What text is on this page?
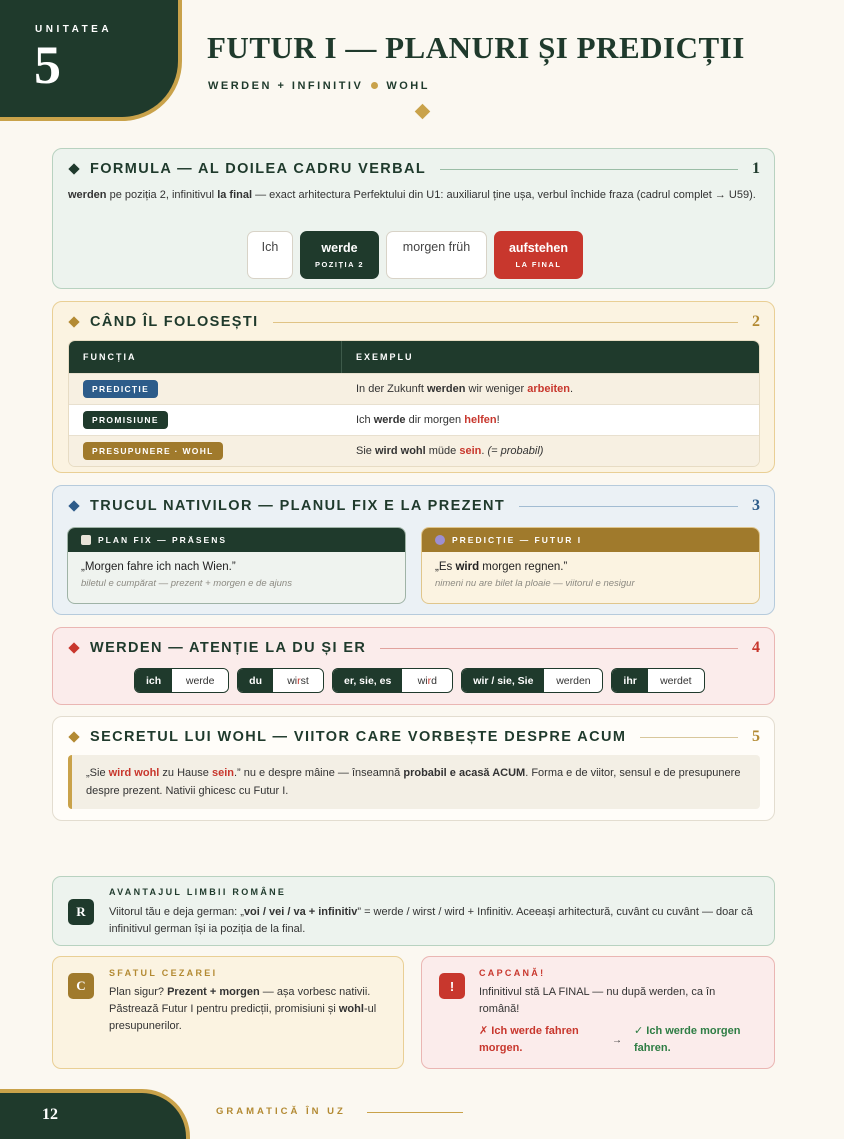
UNITATEA
5	FUTUR I — PLANURI ȘI PREDICȚII
WERDEN + INFINITIV WOHL
FORMULA — AL DOILEA CADRU VERBAL	1
werden pe poziția 2, infinitivul la final — exact arhitectura Perfektului din U1: auxiliarul ține ușa, verbul închide fraza (cadrul complet → U59).
Ich	werde
POZIȚIA 2
morgen früh	aufstehen
LA FINAL
CÂND ÎL FOLOSEȘTI	2
FUNCȚIA	EXEMPLU
PREDICȚIE	In der Zukunft werden wir weniger arbeiten.
PROMISIUNE	Ich werde dir morgen helfen!
PRESUPUNERE · WOHL	Sie wird wohl müde sein. (= probabil)
TRUCUL NATIVILOR — PLANUL FIX E LA PREZENT	3
PLAN FIX — PRÄSENS
„Morgen fahre ich nach Wien.”
biletul e cumpărat — prezent + morgen e de ajuns
PREDICȚIE — FUTUR I
„Es wird morgen regnen.”
nimeni nu are bilet la ploaie — viitorul e nesigur
WERDEN — ATENȚIE LA DU ȘI ER	4
ich	werde	du	wi r st	er, sie, es	wi r d	wir / sie, Sie	werden	ihr	werdet
SECRETUL LUI WOHL — VIITOR CARE VORBEȘTE DESPRE ACUM	5
„Sie wird wohl zu Hause sein.” nu e despre mâine — înseamnă probabil e acasă ACUM. Forma e de viitor, sensul e de presupunere despre prezent. Nativii ghicesc cu Futur I.
R
AVANTAJUL LIMBII ROMÂNE
Viitorul tău e deja german: „voi / vei / va + infinitiv” = werde / wirst / wird + Infinitiv. Aceeași arhitectură, cuvânt cu cuvânt — doar că infinitivul german își ia poziția de la final.
C
SFATUL CEZAREI
Plan sigur? Prezent + morgen — așa vorbesc nativii. Păstrează Futur I pentru predicții, promisiuni și wohl-ul presupunerilor.
!
CAPCANĂ!
Infinitivul stă LA FINAL — nu după werden, ca în română!
✗ Ich werde fahren morgen.
→
✓ Ich werde morgen fahren.
12	GRAMATICĂ ÎN UZ
